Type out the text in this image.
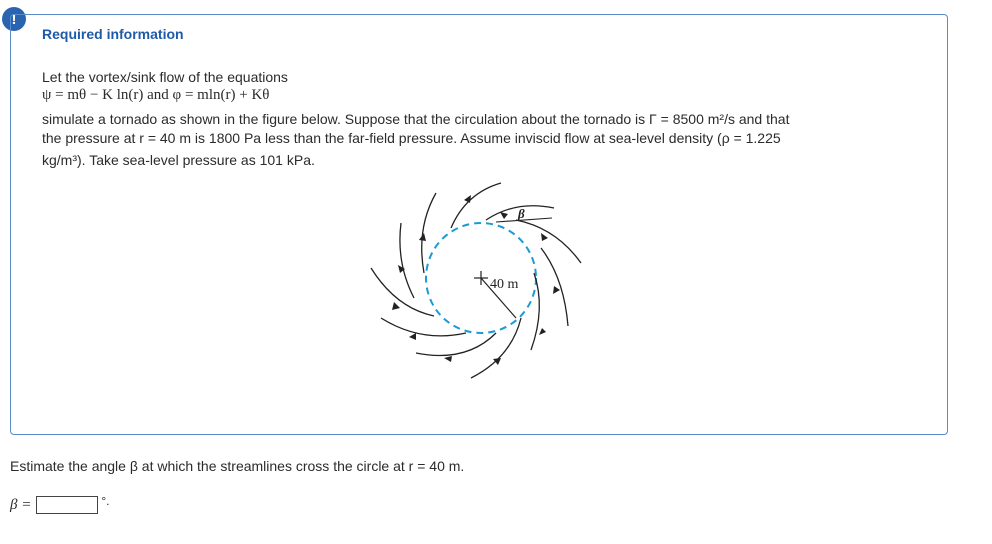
!
Required information
Let the vortex/sink flow of the equations
ψ = mθ − K ln(r) and φ = mln(r) + Kθ
simulate a tornado as shown in the figure below. Suppose that the circulation about the tornado is Γ = 8500 m²/s and that
the pressure at r = 40 m is 1800 Pa less than the far-field pressure. Assume inviscid flow at sea-level density (ρ = 1.225
kg/m³). Take sea-level pressure as 101 kPa.
β
40 m
Estimate the angle β at which the streamlines cross the circle at r = 40 m.
β =	°.
